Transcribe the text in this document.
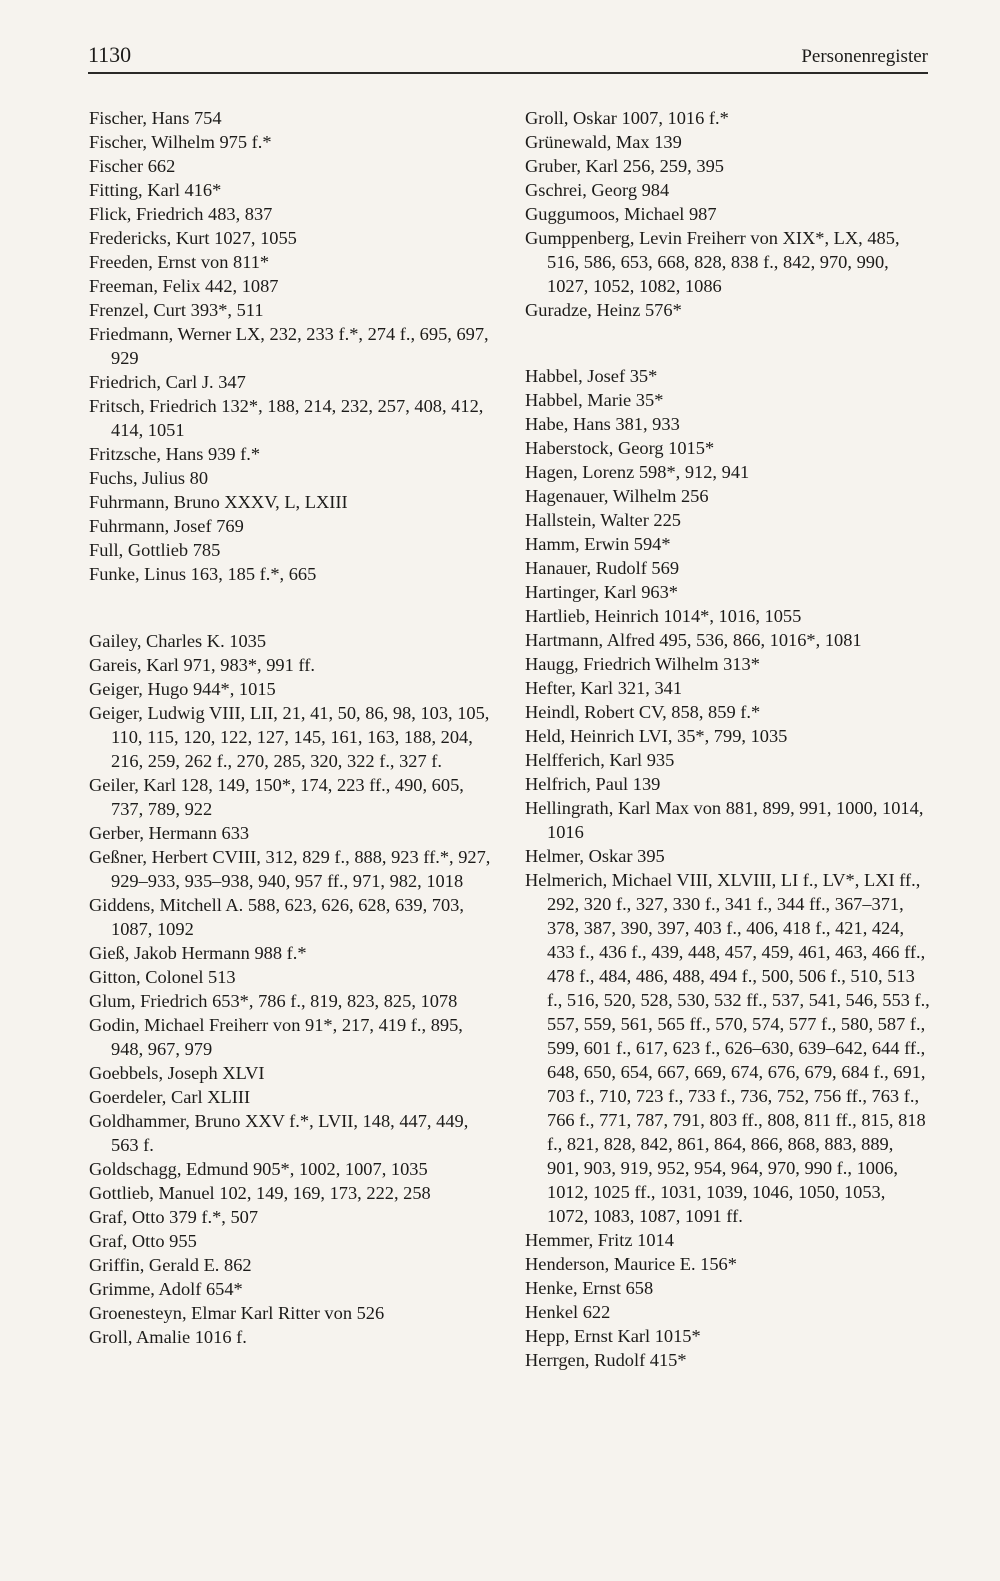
1130	Personenregister

Fischer, Hans 754

Fischer, Wilhelm 975 f.*

Fischer 662

Fitting, Karl 416*

Flick, Friedrich 483, 837

Fredericks, Kurt 1027, 1055

Freeden, Ernst von 811*

Freeman, Felix 442, 1087

Frenzel, Curt 393*, 511

Friedmann, Werner LX, 232, 233 f.*, 274 f., 695, 697, 929

Friedrich, Carl J. 347

Fritsch, Friedrich 132*, 188, 214, 232, 257, 408, 412, 414, 1051

Fritzsche, Hans 939 f.*

Fuchs, Julius 80

Fuhrmann, Bruno XXXV, L, LXIII

Fuhrmann, Josef 769

Full, Gottlieb 785

Funke, Linus 163, 185 f.*, 665

Gailey, Charles K. 1035

Gareis, Karl 971, 983*, 991 ff.

Geiger, Hugo 944*, 1015

Geiger, Ludwig VIII, LII, 21, 41, 50, 86, 98, 103, 105, 110, 115, 120, 122, 127, 145, 161, 163, 188, 204, 216, 259, 262 f., 270, 285, 320, 322 f., 327 f.

Geiler, Karl 128, 149, 150*, 174, 223 ff., 490, 605, 737, 789, 922

Gerber, Hermann 633

Geßner, Herbert CVIII, 312, 829 f., 888, 923 ff.*, 927, 929–933, 935–938, 940, 957 ff., 971, 982, 1018

Giddens, Mitchell A. 588, 623, 626, 628, 639, 703, 1087, 1092

Gieß, Jakob Hermann 988 f.*

Gitton, Colonel 513

Glum, Friedrich 653*, 786 f., 819, 823, 825, 1078

Godin, Michael Freiherr von 91*, 217, 419 f., 895, 948, 967, 979

Goebbels, Joseph XLVI

Goerdeler, Carl XLIII

Goldhammer, Bruno XXV f.*, LVII, 148, 447, 449, 563 f.

Goldschagg, Edmund 905*, 1002, 1007, 1035

Gottlieb, Manuel 102, 149, 169, 173, 222, 258

Graf, Otto 379 f.*, 507

Graf, Otto 955

Griffin, Gerald E. 862

Grimme, Adolf 654*

Groenesteyn, Elmar Karl Ritter von 526

Groll, Amalie 1016 f.

Groll, Oskar 1007, 1016 f.*

Grünewald, Max 139

Gruber, Karl 256, 259, 395

Gschrei, Georg 984

Guggumoos, Michael 987

Gumppenberg, Levin Freiherr von XIX*, LX, 485, 516, 586, 653, 668, 828, 838 f., 842, 970, 990, 1027, 1052, 1082, 1086

Guradze, Heinz 576*

Habbel, Josef 35*

Habbel, Marie 35*

Habe, Hans 381, 933

Haberstock, Georg 1015*

Hagen, Lorenz 598*, 912, 941

Hagenauer, Wilhelm 256

Hallstein, Walter 225

Hamm, Erwin 594*

Hanauer, Rudolf 569

Hartinger, Karl 963*

Hartlieb, Heinrich 1014*, 1016, 1055

Hartmann, Alfred 495, 536, 866, 1016*, 1081

Haugg, Friedrich Wilhelm 313*

Hefter, Karl 321, 341

Heindl, Robert CV, 858, 859 f.*

Held, Heinrich LVI, 35*, 799, 1035

Helfferich, Karl 935

Helfrich, Paul 139

Hellingrath, Karl Max von 881, 899, 991, 1000, 1014, 1016

Helmer, Oskar 395

Helmerich, Michael VIII, XLVIII, LI f., LV*, LXI ff., 292, 320 f., 327, 330 f., 341 f., 344 ff., 367–371, 378, 387, 390, 397, 403 f., 406, 418 f., 421, 424, 433 f., 436 f., 439, 448, 457, 459, 461, 463, 466 ff., 478 f., 484, 486, 488, 494 f., 500, 506 f., 510, 513 f., 516, 520, 528, 530, 532 ff., 537, 541, 546, 553 f., 557, 559, 561, 565 ff., 570, 574, 577 f., 580, 587 f., 599, 601 f., 617, 623 f., 626–630, 639–642, 644 ff., 648, 650, 654, 667, 669, 674, 676, 679, 684 f., 691, 703 f., 710, 723 f., 733 f., 736, 752, 756 ff., 763 f., 766 f., 771, 787, 791, 803 ff., 808, 811 ff., 815, 818 f., 821, 828, 842, 861, 864, 866, 868, 883, 889, 901, 903, 919, 952, 954, 964, 970, 990 f., 1006, 1012, 1025 ff., 1031, 1039, 1046, 1050, 1053, 1072, 1083, 1087, 1091 ff.

Hemmer, Fritz 1014

Henderson, Maurice E. 156*

Henke, Ernst 658

Henkel 622

Hepp, Ernst Karl 1015*

Herrgen, Rudolf 415*
